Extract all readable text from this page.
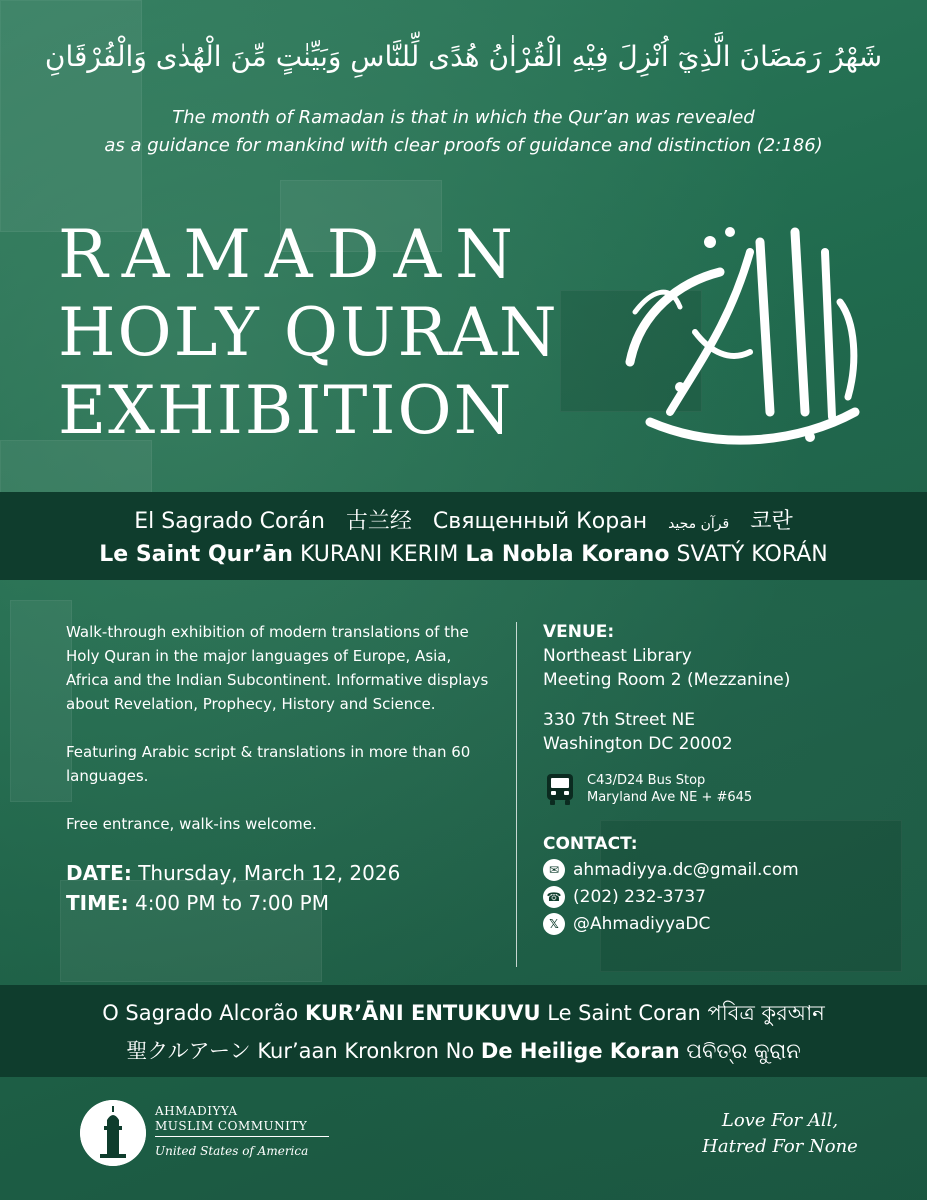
شَهْرُ رَمَضَانَ الَّذِيٓ اُنْزِلَ فِيْهِ الْقُرْاٰنُ هُدًى لِّلنَّاسِ وَبَيِّنٰتٍ مِّنَ الْهُدٰى وَالْفُرْقَانِ
The month of Ramadan is that in which the Qur’an was revealed
as a guidance for mankind with clear proofs of guidance and distinction (2:186)
RAMADAN
HOLY QURAN
EXHIBITION
El Sagrado Corán 古兰经 Священный Коран قرآن مجید 코란
Le Saint Qur’ān KURANI KERIM La Nobla Korano SVATÝ KORÁN

Walk-through exhibition of modern translations of the Holy Quran in the major languages of Europe, Asia, Africa and the Indian Subcontinent. Informative displays about Revelation, Prophecy, History and Science.

Featuring Arabic script & translations in more than 60 languages.

Free entrance, walk-ins welcome.

DATE: Thursday, March 12, 2026
TIME: 4:00 PM to 7:00 PM
VENUE:
Northeast Library
Meeting Room 2 (Mezzanine)
330 7th Street NE
Washington DC 20002
C43/D24 Bus Stop
Maryland Ave NE + #645
CONTACT:
✉ ahmadiyya.dc@gmail.com
☎ (202) 232-3737
𝕏 @AhmadiyyaDC
O Sagrado Alcorão KUR’ĀNI ENTUKUVU Le Saint Coran পবিত্র কুরআন
聖クルアーン Kur’aan Kronkron No De Heilige Koran ପବିତ୍ର କୁରାନ
AHMADIYYA
MUSLIM COMMUNITY
United States of America
Love For All,
Hatred For None
